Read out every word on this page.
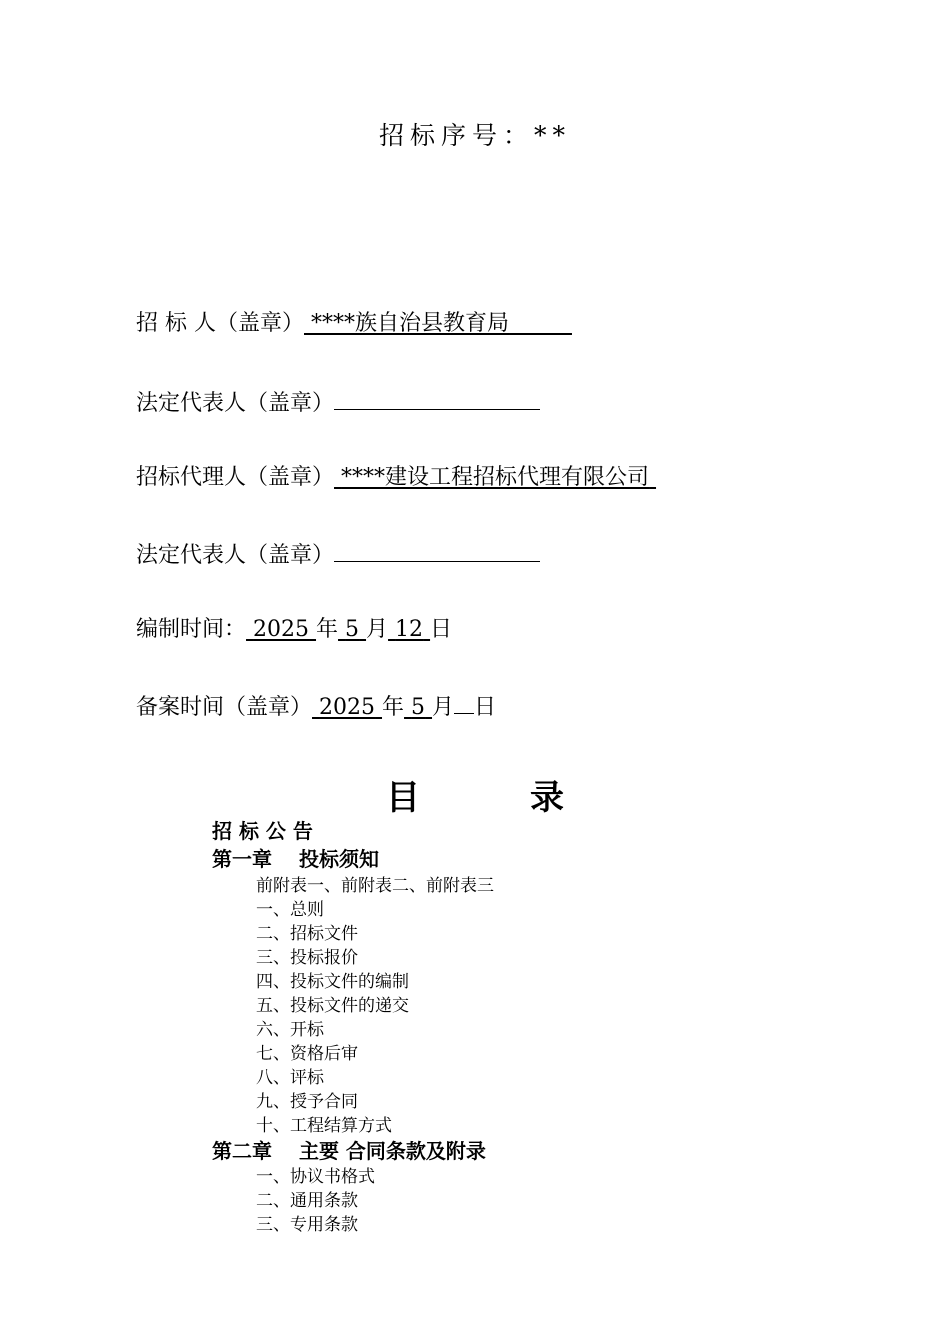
招标序号：**
招 标 人（盖章） ****族自治县教育局
法定代表人（盖章）
招标代理人（盖章） ****建设工程招标代理有限公司
法定代表人（盖章）
编制时间： 2025 年 5 月 12 日
备案时间（盖章） 2025 年 5 月 日
目	录
招 标 公 告
第一章　 投标须知
前附表一、前附表二、前附表三
一、总则
二、招标文件
三、投标报价
四、投标文件的编制
五、投标文件的递交
六、开标
七、资格后审
八、评标
九、授予合同
十、工程结算方式
第二章　 主要 合同条款及附录
一、协议书格式
二、通用条款
三、专用条款
